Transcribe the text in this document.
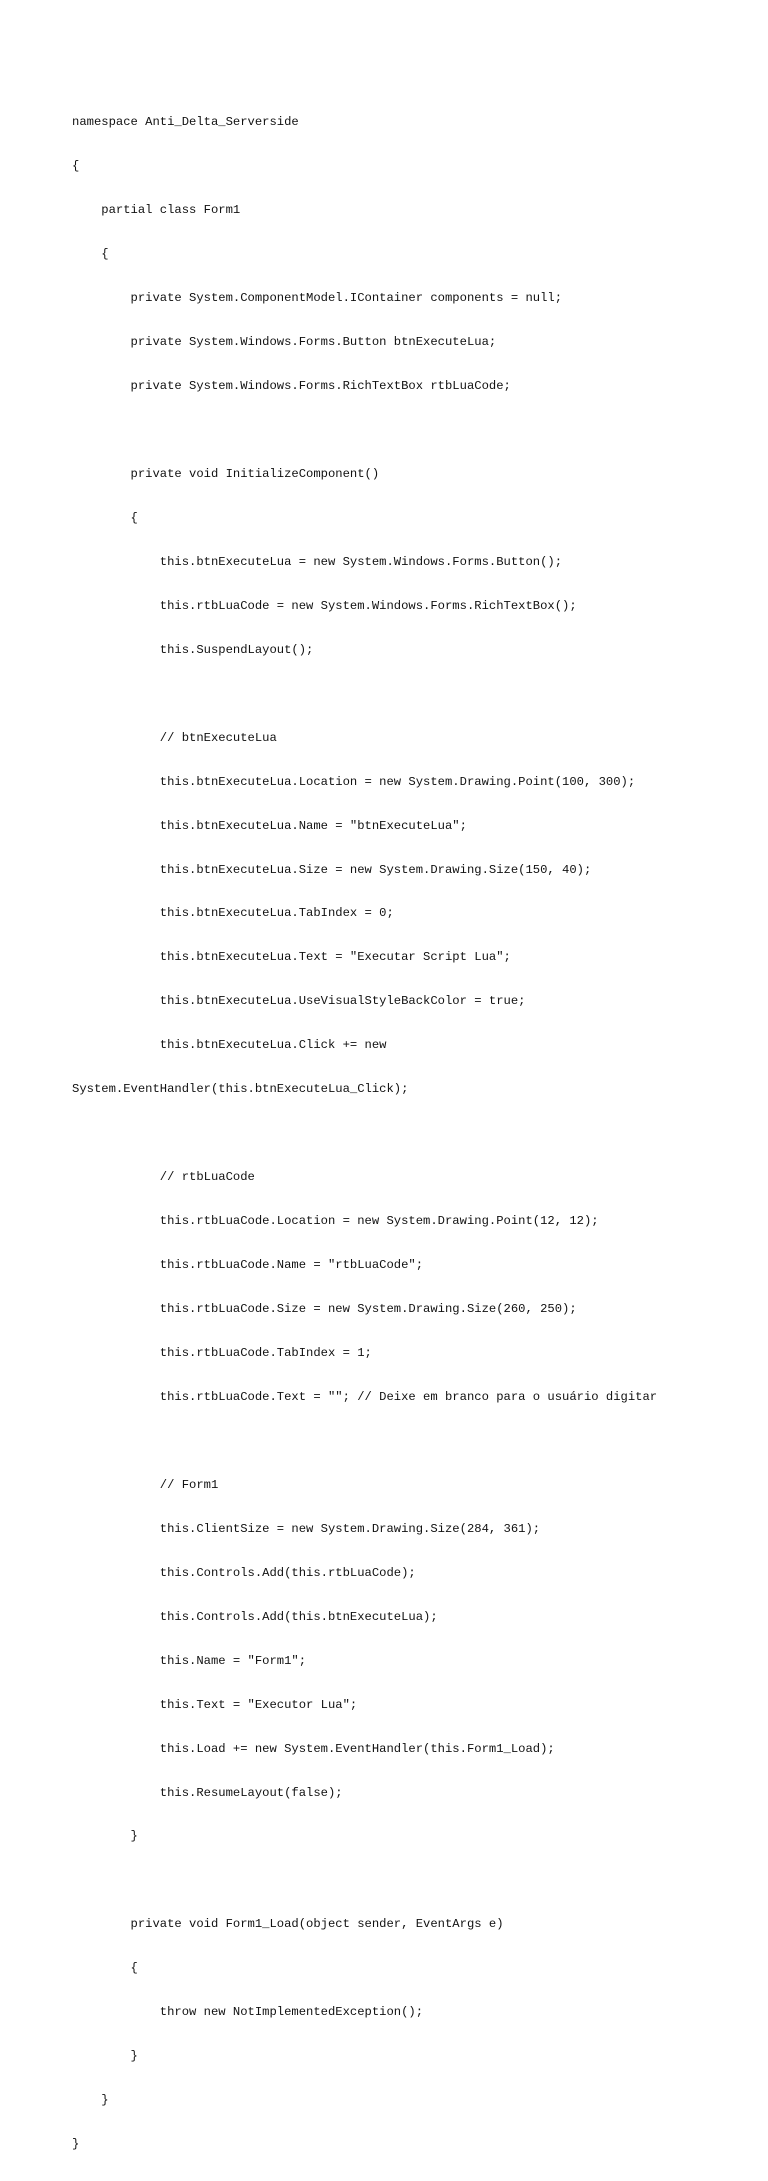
namespace Anti_Delta_Serverside

{

partial class Form1

{

private System.ComponentModel.IContainer components = null;

private System.Windows.Forms.Button btnExecuteLua;

private System.Windows.Forms.RichTextBox rtbLuaCode;

private void InitializeComponent()

{

this.btnExecuteLua = new System.Windows.Forms.Button();

this.rtbLuaCode = new System.Windows.Forms.RichTextBox();

this.SuspendLayout();

// btnExecuteLua

this.btnExecuteLua.Location = new System.Drawing.Point(100, 300);

this.btnExecuteLua.Name = "btnExecuteLua";

this.btnExecuteLua.Size = new System.Drawing.Size(150, 40);

this.btnExecuteLua.TabIndex = 0;

this.btnExecuteLua.Text = "Executar Script Lua";

this.btnExecuteLua.UseVisualStyleBackColor = true;

this.btnExecuteLua.Click += new

System.EventHandler(this.btnExecuteLua_Click);

// rtbLuaCode

this.rtbLuaCode.Location = new System.Drawing.Point(12, 12);

this.rtbLuaCode.Name = "rtbLuaCode";

this.rtbLuaCode.Size = new System.Drawing.Size(260, 250);

this.rtbLuaCode.TabIndex = 1;

this.rtbLuaCode.Text = ""; // Deixe em branco para o usuário digitar

// Form1

this.ClientSize = new System.Drawing.Size(284, 361);

this.Controls.Add(this.rtbLuaCode);

this.Controls.Add(this.btnExecuteLua);

this.Name = "Form1";

this.Text = "Executor Lua";

this.Load += new System.EventHandler(this.Form1_Load);

this.ResumeLayout(false);

}

private void Form1_Load(object sender, EventArgs e)

{

throw new NotImplementedException();

}

}

}
